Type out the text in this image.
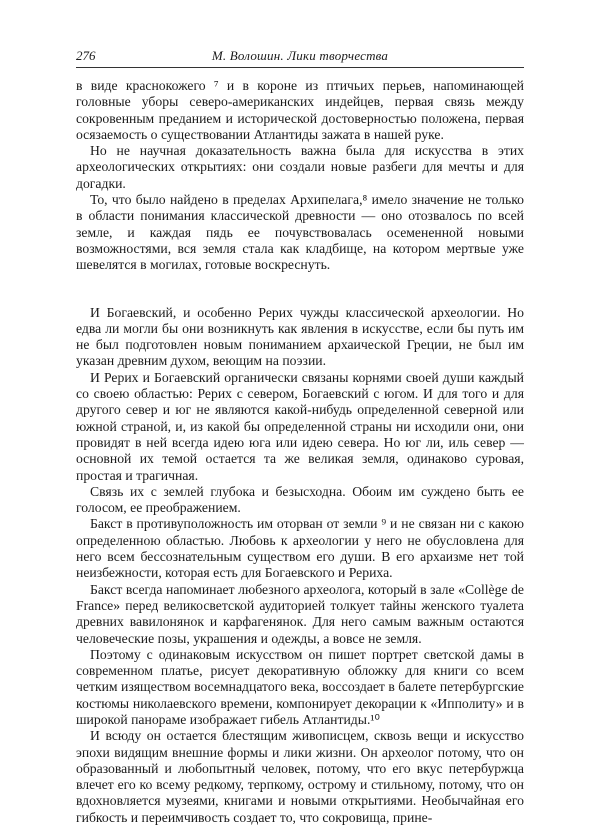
276	М. Волошин. Лики творчества

в виде краснокожего ⁷ и в короне из птичьих перьев, напоминающей головные уборы северо-американских индейцев, первая связь между сокровенным преданием и исторической достоверностью положена, первая осязаемость о существовании Атлантиды зажата в нашей руке.

Но не научная доказательность важна была для искусства в этих археологических открытиях: они создали новые разбеги для мечты и для догадки.

То, что было найдено в пределах Архипелага,⁸ имело значение не только в области понимания классической древности — оно отозвалось по всей земле, и каждая пядь ее почувствовалась осемененной новыми возможностями, вся земля стала как кладбище, на котором мертвые уже шевелятся в могилах, готовые воскреснуть.

И Богаевский, и особенно Рерих чужды классической археологии. Но едва ли могли бы они возникнуть как явления в искусстве, если бы путь им не был подготовлен новым пониманием архаической Греции, не был им указан древним духом, веющим на поэзии.

И Рерих и Богаевский органически связаны корнями своей души каждый со своею областью: Рерих с севером, Богаевский с югом. И для того и для другого север и юг не являются какой-нибудь определенной северной или южной страной, и, из какой бы определенной страны ни исходили они, они провидят в ней всегда идею юга или идею севера. Но юг ли, иль север — основной их темой остается та же великая земля, одинаково суровая, простая и трагичная.

Связь их с землей глубока и безысходна. Обоим им суждено быть ее голосом, ее преображением.

Бакст в противуположность им оторван от земли ⁹ и не связан ни с какою определенною областью. Любовь к археологии у него не обусловлена для него всем бессознательным существом его души. В его архаизме нет той неизбежности, которая есть для Богаевского и Рериха.

Бакст всегда напоминает любезного археолога, который в зале «Collège de France» перед великосветской аудиторией толкует тайны женского туалета древних вавилонянок и карфагенянок. Для него самым важным остаются человеческие позы, украшения и одежды, а вовсе не земля.

Поэтому с одинаковым искусством он пишет портрет светской дамы в современном платье, рисует декоративную обложку для книги со всем четким изяществом восемнадцатого века, воссоздает в балете петербургские костюмы николаевского времени, компонирует декорации к «Ипполиту» и в широкой панораме изображает гибель Атлантиды.¹⁰

И всюду он остается блестящим живописцем, сквозь вещи и искусство эпохи видящим внешние формы и лики жизни. Он археолог потому, что он образованный и любопытный человек, потому, что его вкус петербуржца влечет его ко всему редкому, терпкому, острому и стильному, потому, что он вдохновляется музеями, книгами и новыми открытиями. Необычайная его гибкость и переимчивость создает то, что сокровища, прине-
